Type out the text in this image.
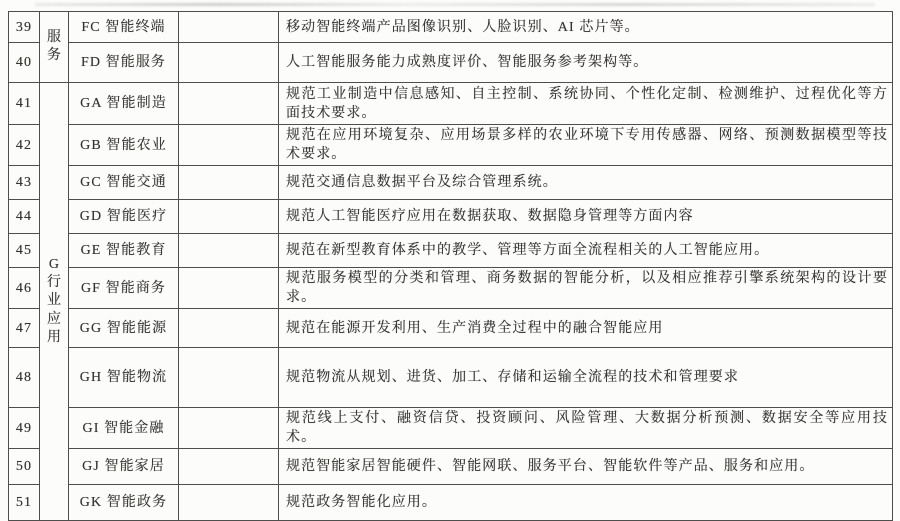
39	服务	FC 智能终端		移动智能终端产品图像识别、人脸识别、AI 芯片等。
40		FD 智能服务		人工智能服务能力成熟度评价、智能服务参考架构等。
41	G行业应用	GA 智能制造		规范工业制造中信息感知、自主控制、系统协同、个性化定制、检测维护、过程优化等方面技术要求。
42		GB 智能农业		规范在应用环境复杂、应用场景多样的农业环境下专用传感器、网络、预测数据模型等技术要求。
43		GC 智能交通		规范交通信息数据平台及综合管理系统。
44		GD 智能医疗		规范人工智能医疗应用在数据获取、数据隐身管理等方面内容
45		GE 智能教育		规范在新型教育体系中的教学、管理等方面全流程相关的人工智能应用。
46		GF 智能商务		规范服务模型的分类和管理、商务数据的智能分析，以及相应推荐引擎系统架构的设计要求。
47		GG 智能能源		规范在能源开发利用、生产消费全过程中的融合智能应用
48		GH 智能物流		规范物流从规划、进货、加工、存储和运输全流程的技术和管理要求
49		GI 智能金融		规范线上支付、融资信贷、投资顾问、风险管理、大数据分析预测、数据安全等应用技术。
50		GJ 智能家居		规范智能家居智能硬件、智能网联、服务平台、智能软件等产品、服务和应用。
51		GK 智能政务		规范政务智能化应用。
